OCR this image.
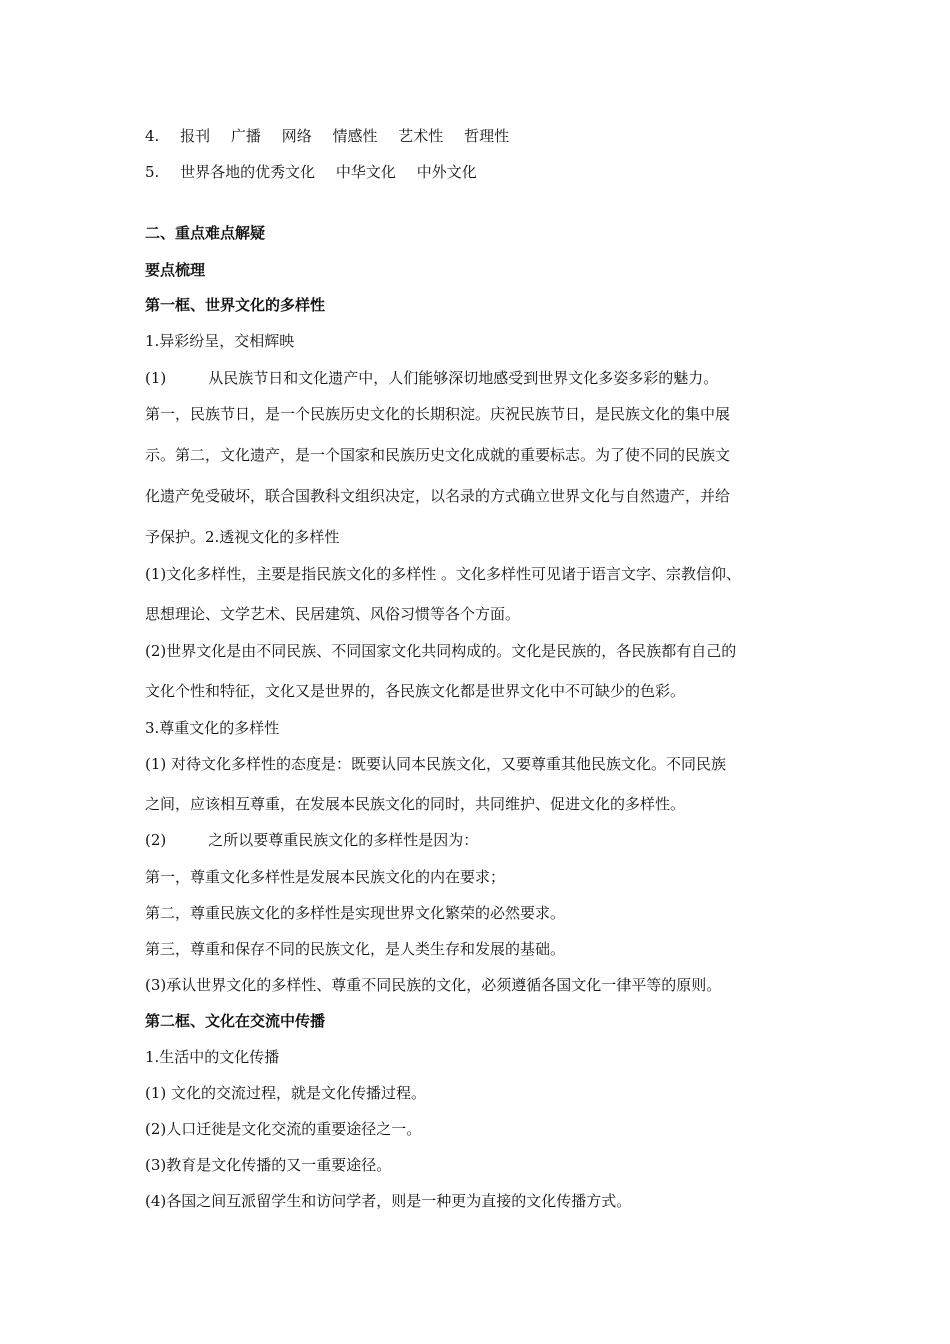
4. 报刊 广播 网络 情感性 艺术性 哲理性
5. 世界各地的优秀文化 中华文化 中外文化
二、重点难点解疑
要点梳理
第一框、世界文化的多样性
1.异彩纷呈，交相辉映
(1)	从民族节日和文化遗产中，人们能够深切地感受到世界文化多姿多彩的魅力。
第一，民族节日，是一个民族历史文化的长期积淀。庆祝民族节日，是民族文化的集中展
示。第二，文化遗产，是一个国家和民族历史文化成就的重要标志。为了使不同的民族文
化遗产免受破坏，联合国教科文组织决定，以名录的方式确立世界文化与自然遗产，并给
予保护。2.透视文化的多样性
(1)文化多样性，主要是指民族文化的多样性 。文化多样性可见诸于语言文字、宗教信仰、
思想理论、文学艺术、民居建筑、风俗习惯等各个方面。
(2)世界文化是由不同民族、不同国家文化共同构成的。文化是民族的，各民族都有自己的
文化个性和特征，文化又是世界的，各民族文化都是世界文化中不可缺少的色彩。
3.尊重文化的多样性
(1) 对待文化多样性的态度是：既要认同本民族文化，又要尊重其他民族文化。不同民族
之间，应该相互尊重，在发展本民族文化的同时，共同维护、促进文化的多样性。
(2)	之所以要尊重民族文化的多样性是因为：
第一，尊重文化多样性是发展本民族文化的内在要求；
第二，尊重民族文化的多样性是实现世界文化繁荣的必然要求。
第三，尊重和保存不同的民族文化，是人类生存和发展的基础。
(3)承认世界文化的多样性、尊重不同民族的文化，必须遵循各国文化一律平等的原则。
第二框、文化在交流中传播
1.生活中的文化传播
(1) 文化的交流过程，就是文化传播过程。
(2)人口迁徙是文化交流的重要途径之一。
(3)教育是文化传播的又一重要途径。
(4)各国之间互派留学生和访问学者，则是一种更为直接的文化传播方式。
